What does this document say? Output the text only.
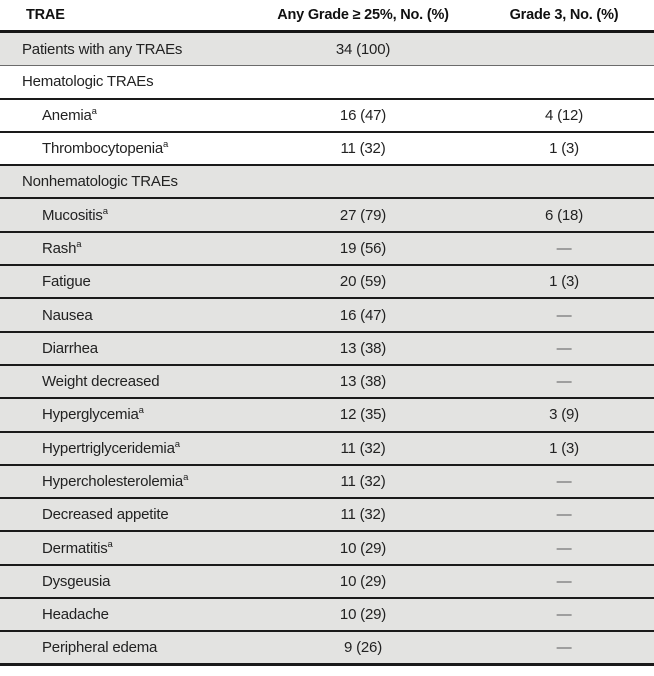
TRAE	Any Grade ≥ 25%, No. (%)	Grade 3, No. (%)
Patients with any TRAEs	34 (100)
Hematologic TRAEs
Anemia$^a$	16 (47)	4 (12)
Thrombocytopenia$^a$	11 (32)	1 (3)
Nonhematologic TRAEs
Mucositis$^a$	27 (79)	6 (18)
Rash$^a$	19 (56)	—
Fatigue	20 (59)	1 (3)
Nausea	16 (47)	—
Diarrhea	13 (38)	—
Weight decreased	13 (38)	—
Hyperglycemia$^a$	12 (35)	3 (9)
Hypertriglyceridemia$^a$	11 (32)	1 (3)
Hypercholesterolemia$^a$	11 (32)	—
Decreased appetite	11 (32)	—
Dermatitis$^a$	10 (29)	—
Dysgeusia	10 (29)	—
Headache	10 (29)	—
Peripheral edema	9 (26)	—
